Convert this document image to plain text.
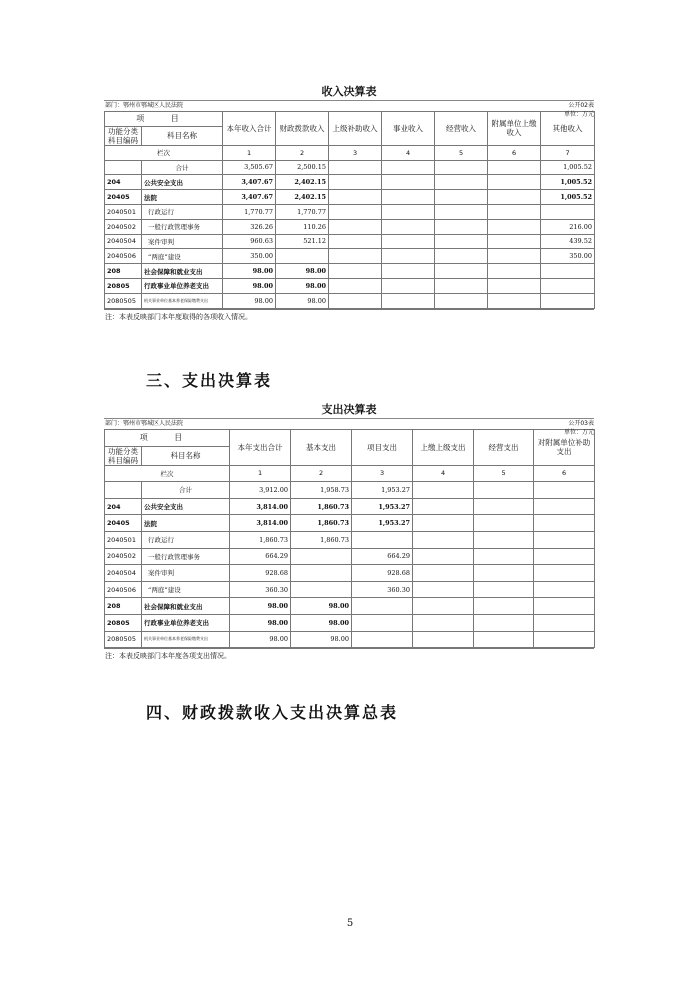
收入决算表
部门：鄂州市鄂城区人民法院	公开02表
单位：万元
项 目		本年收入合计	财政拨款收入	上级补助收入	事业收入	经营收入	附属单位上缴收入	其他收入
功能分类科目编码	科目名称							
栏次		1	2	3	4	5	6	7
	合计	3,505.67	2,500.15					1,005.52
204	公共安全支出	3,407.67	2,402.15					1,005.52
20405	法院	3,407.67	2,402.15					1,005.52
2040501	行政运行	1,770.77	1,770.77					
2040502	一般行政管理事务	326.26	110.26					216.00
2040504	案件审判	960.63	521.12					439.52
2040506	“两庭”建设	350.00						350.00
208	社会保障和就业支出	98.00	98.00					
20805	行政事业单位养老支出	98.00	98.00					
2080505	机关事业单位基本养老保险缴费支出	98.00	98.00					
注：本表反映部门本年度取得的各项收入情况。
三、支出决算表
支出决算表
部门：鄂州市鄂城区人民法院	公开03表
单位：万元
项 目		本年支出合计	基本支出	项目支出	上缴上级支出	经营支出	对附属单位补助支出
功能分类科目编码	科目名称						
栏次		1	2	3	4	5	6
	合计	3,912.00	1,958.73	1,953.27			
204	公共安全支出	3,814.00	1,860.73	1,953.27			
20405	法院	3,814.00	1,860.73	1,953.27			
2040501	行政运行	1,860.73	1,860.73				
2040502	一般行政管理事务	664.29		664.29			
2040504	案件审判	928.68		928.68			
2040506	“两庭”建设	360.30		360.30			
208	社会保障和就业支出	98.00	98.00				
20805	行政事业单位养老支出	98.00	98.00				
2080505	机关事业单位基本养老保险缴费支出	98.00	98.00				
注：本表反映部门本年度各项支出情况。
四、财政拨款收入支出决算总表
5
